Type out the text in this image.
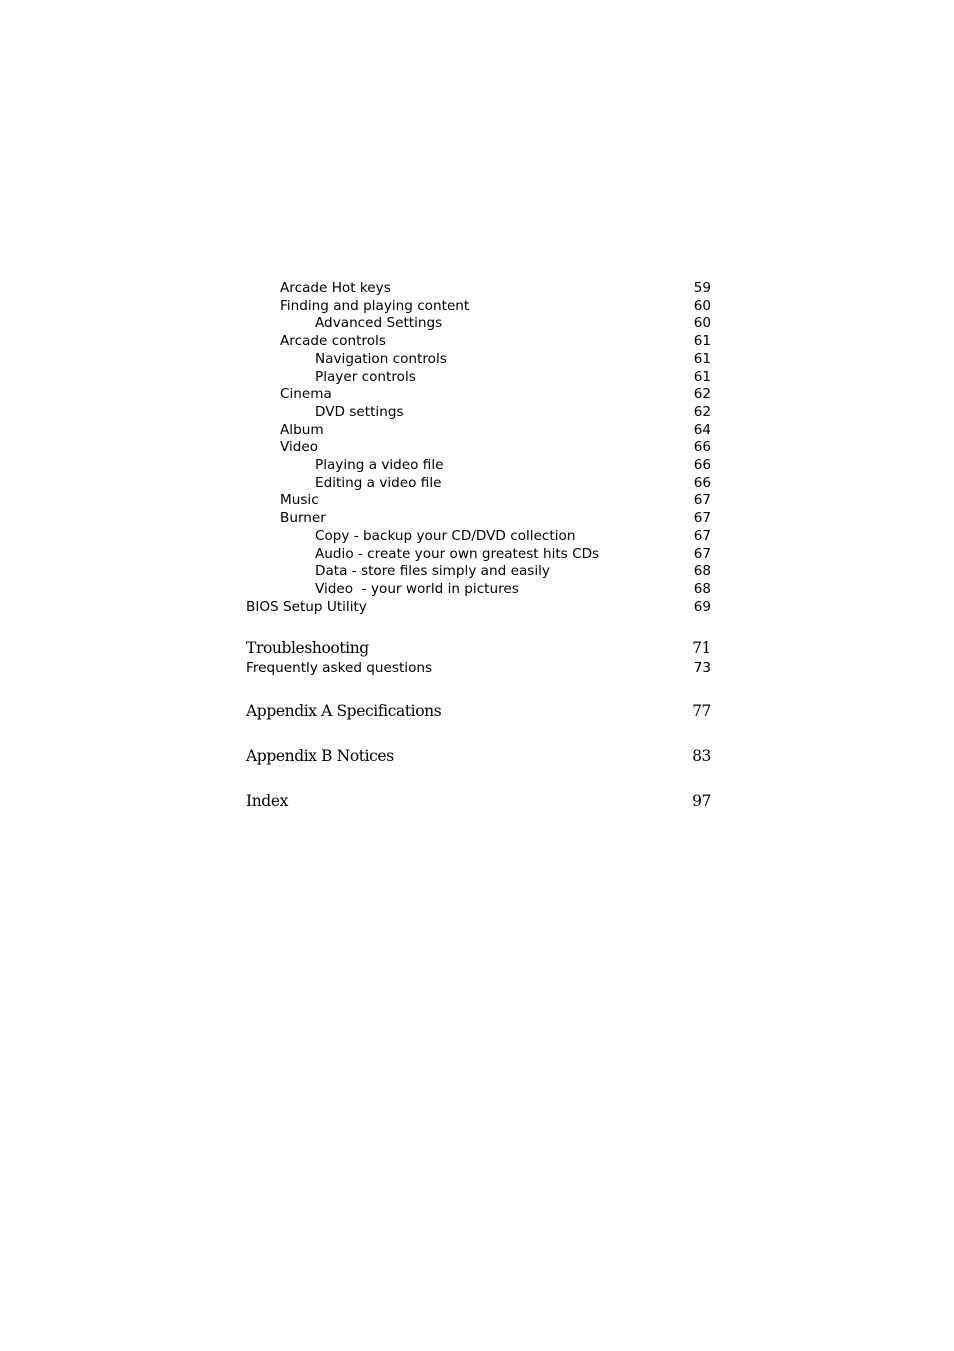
Arcade Hot keys	59
Finding and playing content	60
Advanced Settings	60
Arcade controls	61
Navigation controls	61
Player controls	61
Cinema	62
DVD settings	62
Album	64
Video	66
Playing a video file	66
Editing a video file	66
Music	67
Burner	67
Copy - backup your CD/DVD collection	67
Audio - create your own greatest hits CDs	67
Data - store files simply and easily	68
Video  - your world in pictures	68
BIOS Setup Utility	69
Troubleshooting	71
Frequently asked questions	73
Appendix A Specifications	77
Appendix B Notices	83
Index	97
